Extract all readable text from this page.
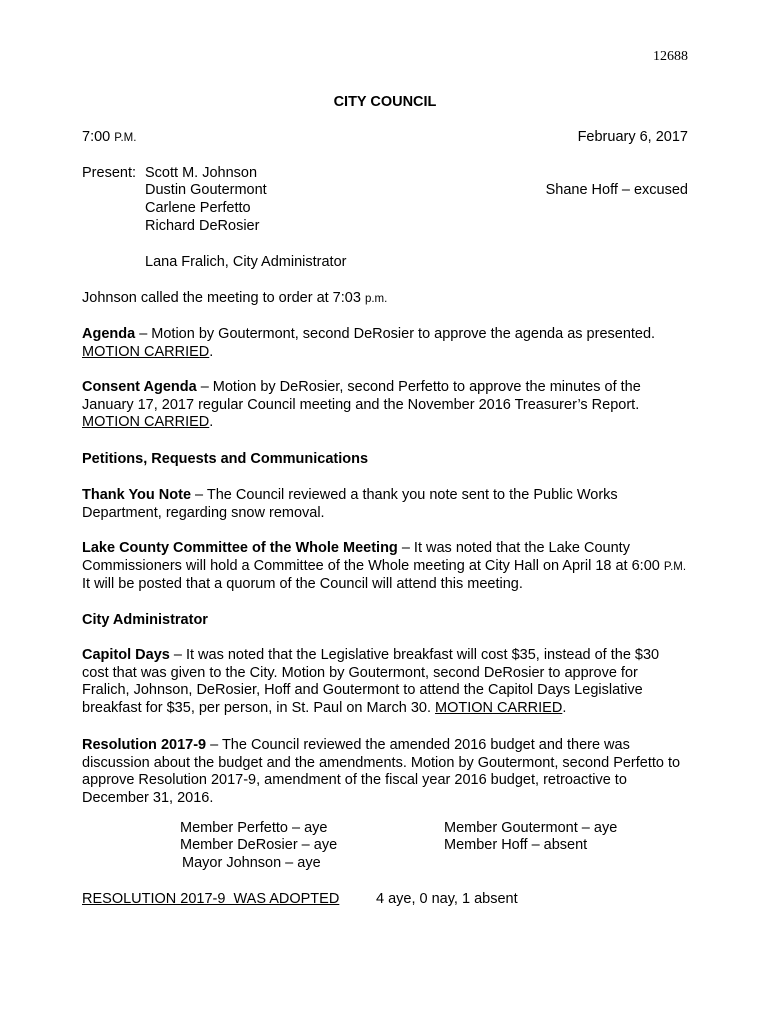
12688
CITY COUNCIL
7:00 P.M.	February 6, 2017
Present: Scott M. Johnson
Dustin Goutermont
Carlene Perfetto
Richard DeRosier
Shane Hoff – excused
Lana Fralich, City Administrator
Johnson called the meeting to order at 7:03 p.m.
Agenda – Motion by Goutermont, second DeRosier to approve the agenda as presented.
MOTION CARRIED.
Consent Agenda – Motion by DeRosier, second Perfetto to approve the minutes of the January 17, 2017 regular Council meeting and the November 2016 Treasurer’s Report.
MOTION CARRIED.
Petitions, Requests and Communications
Thank You Note – The Council reviewed a thank you note sent to the Public Works Department, regarding snow removal.
Lake County Committee of the Whole Meeting – It was noted that the Lake County Commissioners will hold a Committee of the Whole meeting at City Hall on April 18 at 6:00 P.M. It will be posted that a quorum of the Council will attend this meeting.
City Administrator
Capitol Days – It was noted that the Legislative breakfast will cost $35, instead of the $30 cost that was given to the City. Motion by Goutermont, second DeRosier to approve for Fralich, Johnson, DeRosier, Hoff and Goutermont to attend the Capitol Days Legislative breakfast for $35, per person, in St. Paul on March 30. MOTION CARRIED.
Resolution 2017-9 – The Council reviewed the amended 2016 budget and there was discussion about the budget and the amendments. Motion by Goutermont, second Perfetto to approve Resolution 2017-9, amendment of the fiscal year 2016 budget, retroactive to December 31, 2016.
Member Perfetto – aye
Member DeRosier – aye
Mayor Johnson – aye
Member Goutermont – aye
Member Hoff – absent
RESOLUTION 2017-9  WAS ADOPTED	4 aye, 0 nay, 1 absent
